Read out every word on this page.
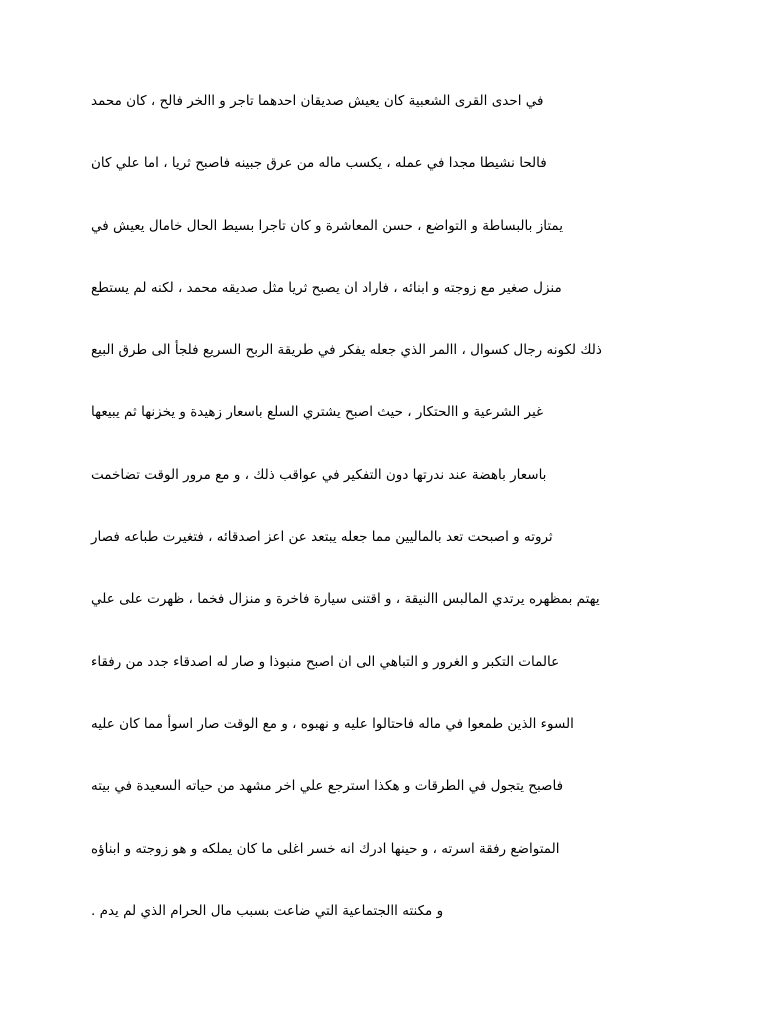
في احدى القرى الشعبية كان يعيش صديقان احدهما تاجر و االخر فالح ، كان محمد
فالحا نشيطا مجدا في عمله ، يكسب ماله من عرق جبينه فاصبح ثريا ، اما علي كان
يمتاز بالبساطة و التواضع ، حسن المعاشرة و كان تاجرا بسيط الحال خامال يعيش في
منزل صغير مع زوجته و ابنائه ، فاراد ان يصبح ثريا مثل صديقه محمد ، لكنه لم يستطع
ذلك لكونه رجال كسوال ، االمر الذي جعله يفكر في طريقة الربح السريع فلجأ الى طرق البيع
غير الشرعية و االحتكار ، حيث اصبح يشتري السلع باسعار زهيدة و يخزنها ثم يبيعها
باسعار باهضة عند ندرتها دون التفكير في عواقب ذلك ، و مع مرور الوقت تضاخمت
ثروته و اصبحت تعد بالماليين مما جعله يبتعد عن اعز اصدقائه ، فتغيرت طباعه فصار
يهتم بمظهره يرتدي المالبس االنيقة ، و اقتنى سيارة فاخرة و منزال فخما ، ظهرت على علي
عالمات التكبر و الغرور و التباهي الى ان اصبح منبوذا و صار له اصدقاء جدد من رفقاء
السوء الذين طمعوا في ماله فاحتالوا عليه و نهبوه ، و مع الوقت صار اسوأ مما كان عليه
فاصبح يتجول في الطرقات و هكذا استرجع علي اخر مشهد من حياته السعيدة في بيته
المتواضع رفقة اسرته ، و حينها ادرك انه خسر اغلى ما كان يملكه و هو زوجته و ابناؤه
و مكنته االجتماعية التي ضاعت بسبب مال الحرام الذي لم يدم .
